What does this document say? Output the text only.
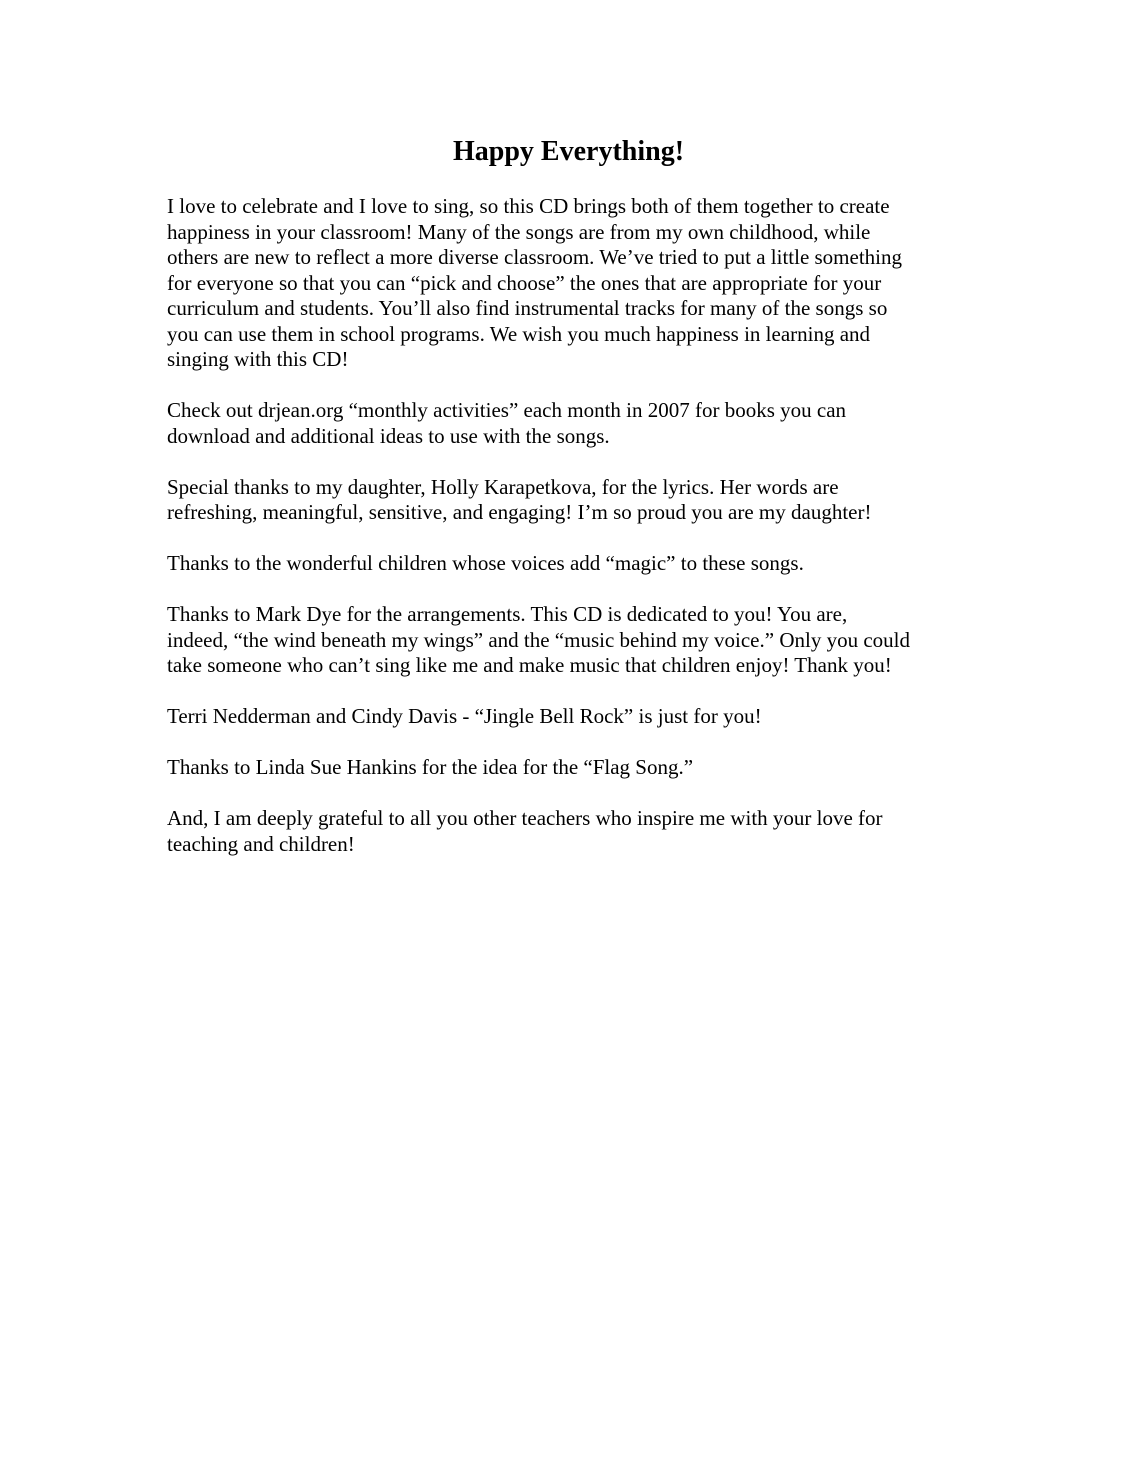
Happy Everything!

I love to celebrate and I love to sing, so this CD brings both of them together to create
happiness in your classroom! Many of the songs are from my own childhood, while
others are new to reflect a more diverse classroom. We’ve tried to put a little something
for everyone so that you can “pick and choose” the ones that are appropriate for your
curriculum and students. You’ll also find instrumental tracks for many of the songs so
you can use them in school programs. We wish you much happiness in learning and
singing with this CD!

Check out drjean.org “monthly activities” each month in 2007 for books you can
download and additional ideas to use with the songs.

Special thanks to my daughter, Holly Karapetkova, for the lyrics. Her words are
refreshing, meaningful, sensitive, and engaging! I’m so proud you are my daughter!

Thanks to the wonderful children whose voices add “magic” to these songs.

Thanks to Mark Dye for the arrangements. This CD is dedicated to you! You are,
indeed, “the wind beneath my wings” and the “music behind my voice.” Only you could
take someone who can’t sing like me and make music that children enjoy! Thank you!

Terri Nedderman and Cindy Davis - “Jingle Bell Rock” is just for you!

Thanks to Linda Sue Hankins for the idea for the “Flag Song.”

And, I am deeply grateful to all you other teachers who inspire me with your love for
teaching and children!
